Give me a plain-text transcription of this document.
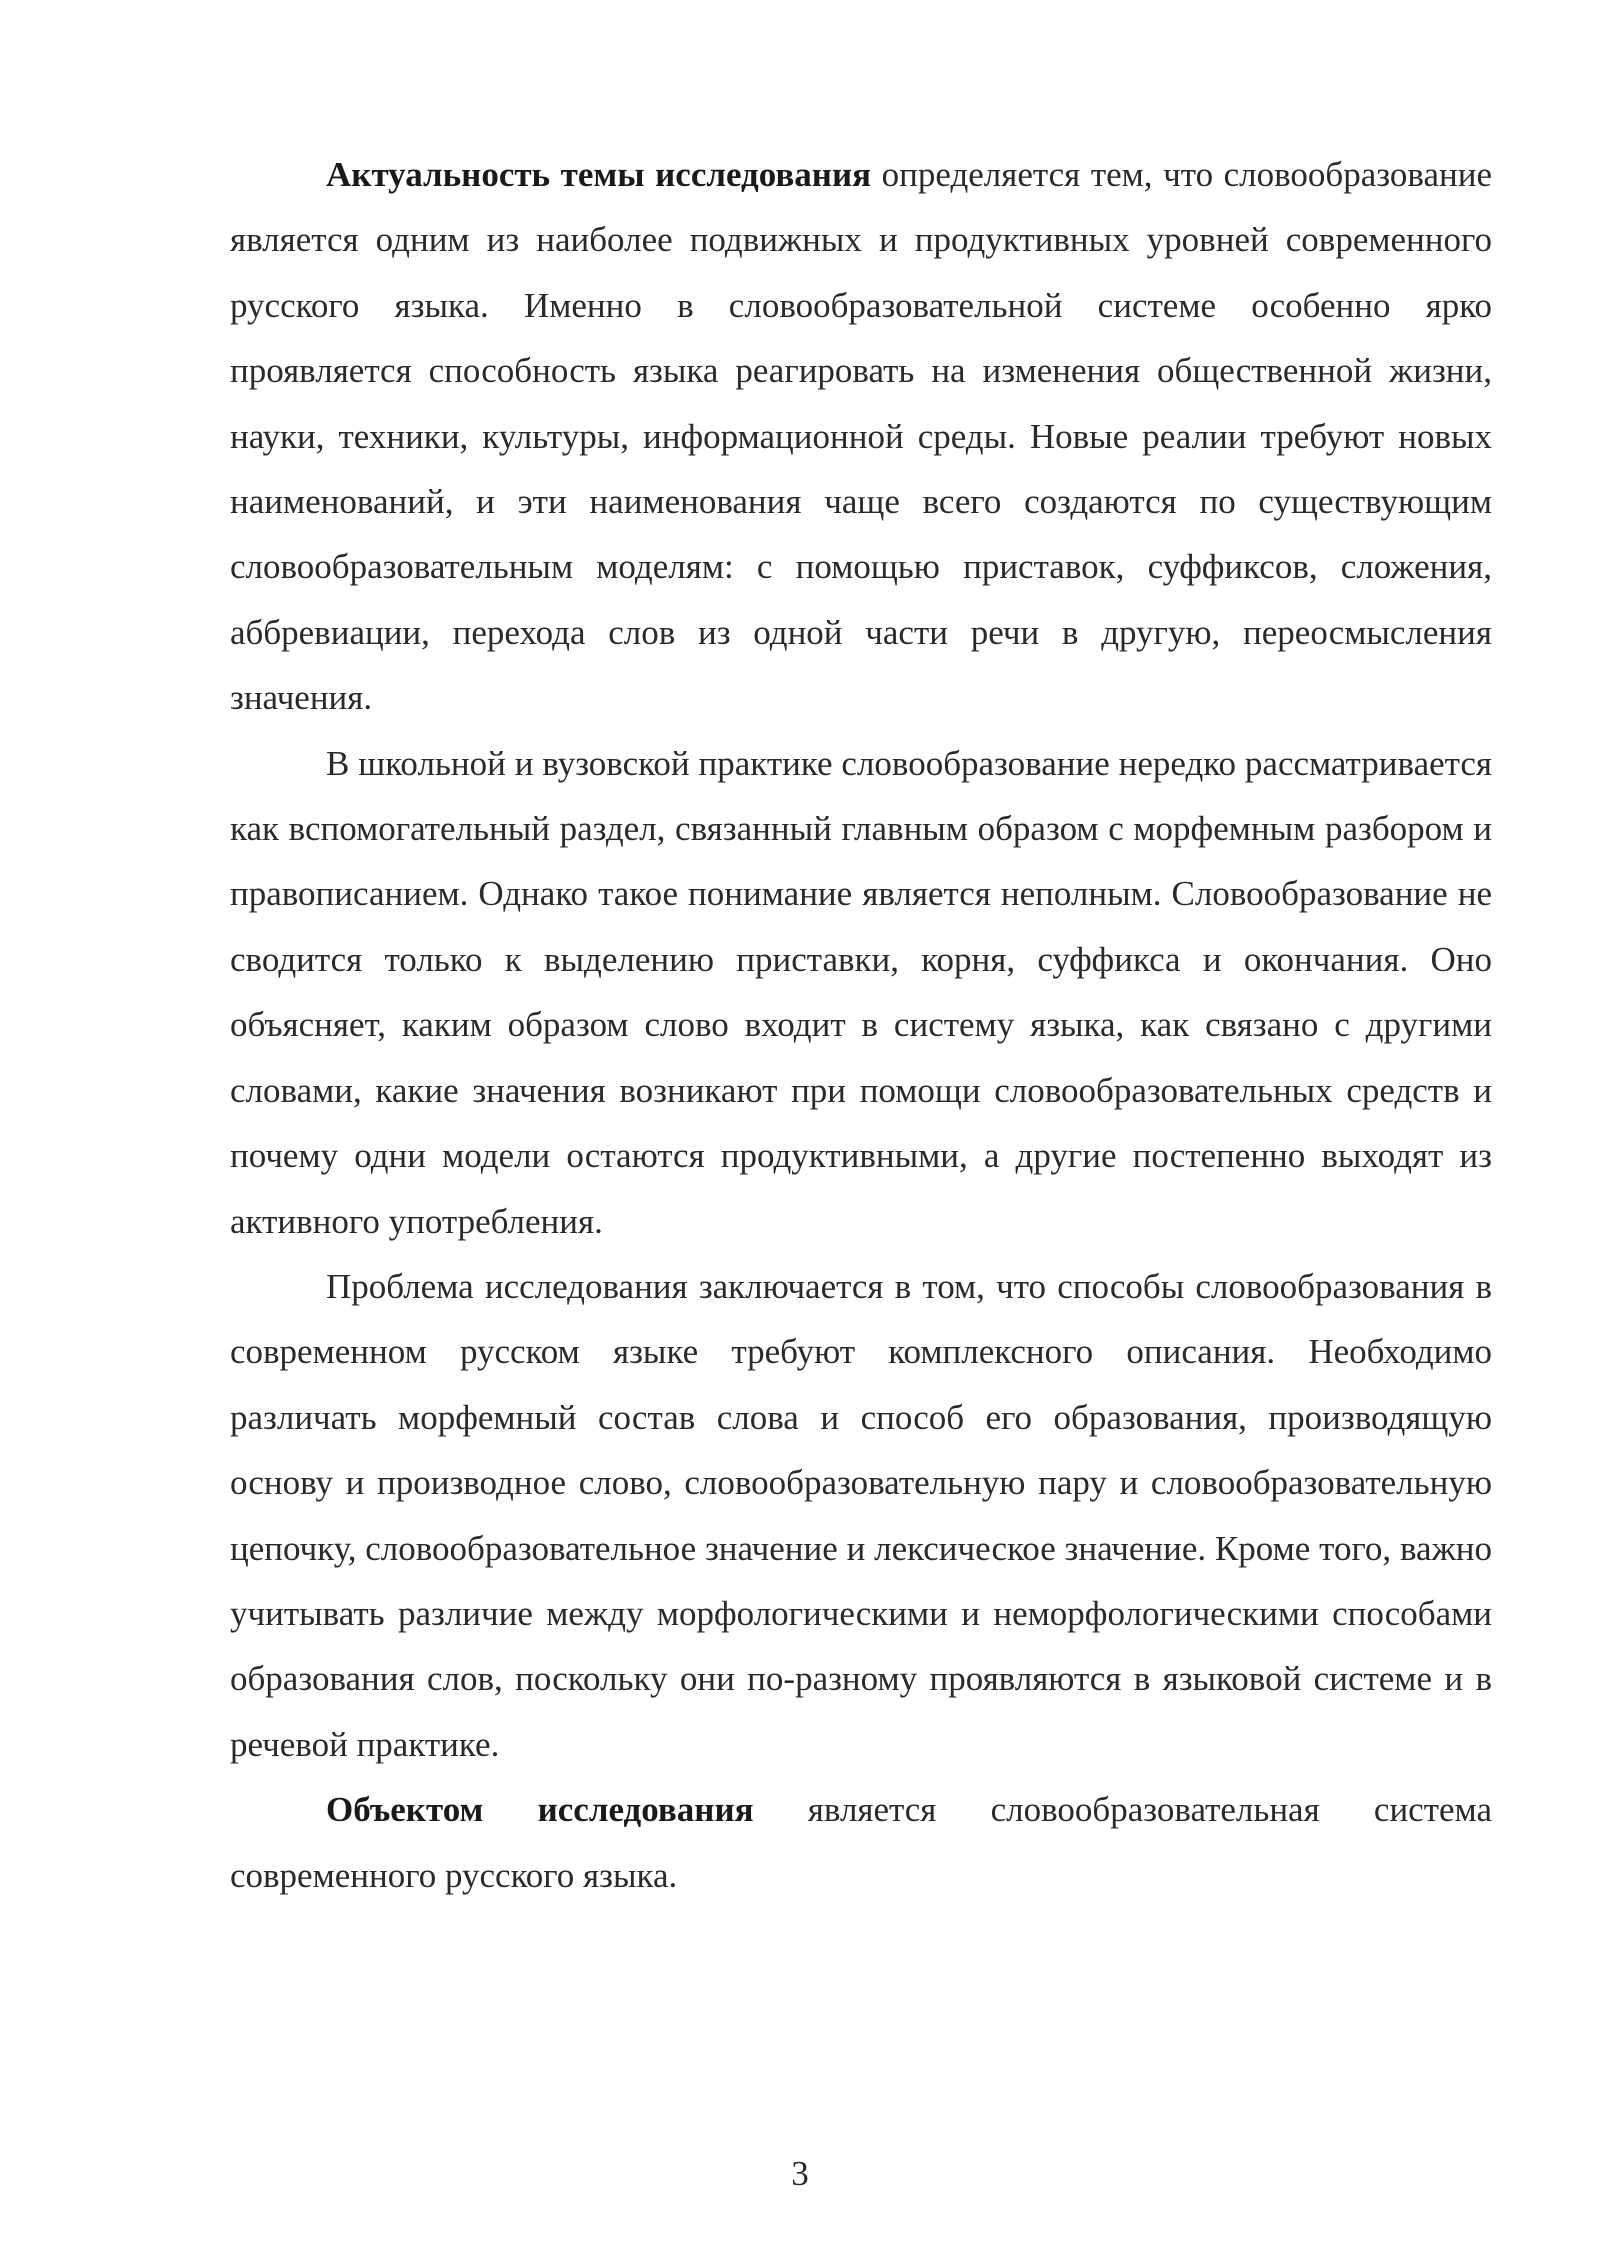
Актуальность темы исследования определяется тем, что словообразование является одним из наиболее подвижных и продуктивных уровней современного русского языка. Именно в словообразовательной системе особенно ярко проявляется способность языка реагировать на изменения общественной жизни, науки, техники, культуры, информационной среды. Новые реалии требуют новых наименований, и эти наименования чаще всего создаются по существующим словообразовательным моделям: с помощью приставок, суффиксов, сложения, аббревиации, перехода слов из одной части речи в другую, переосмысления значения.

В школьной и вузовской практике словообразование нередко рассматривается как вспомогательный раздел, связанный главным образом с морфемным разбором и правописанием. Однако такое понимание является неполным. Словообразование не сводится только к выделению приставки, корня, суффикса и окончания. Оно объясняет, каким образом слово входит в систему языка, как связано с другими словами, какие значения возникают при помощи словообразовательных средств и почему одни модели остаются продуктивными, а другие постепенно выходят из активного употребления.

Проблема исследования заключается в том, что способы словообразования в современном русском языке требуют комплексного описания. Необходимо различать морфемный состав слова и способ его образования, производящую основу и производное слово, словообразовательную пару и словообразовательную цепочку, словообразовательное значение и лексическое значение. Кроме того, важно учитывать различие между морфологическими и неморфологическими способами образования слов, поскольку они по-разному проявляются в языковой системе и в речевой практике.

Объектом исследования является словообразовательная система современного русского языка.

3
